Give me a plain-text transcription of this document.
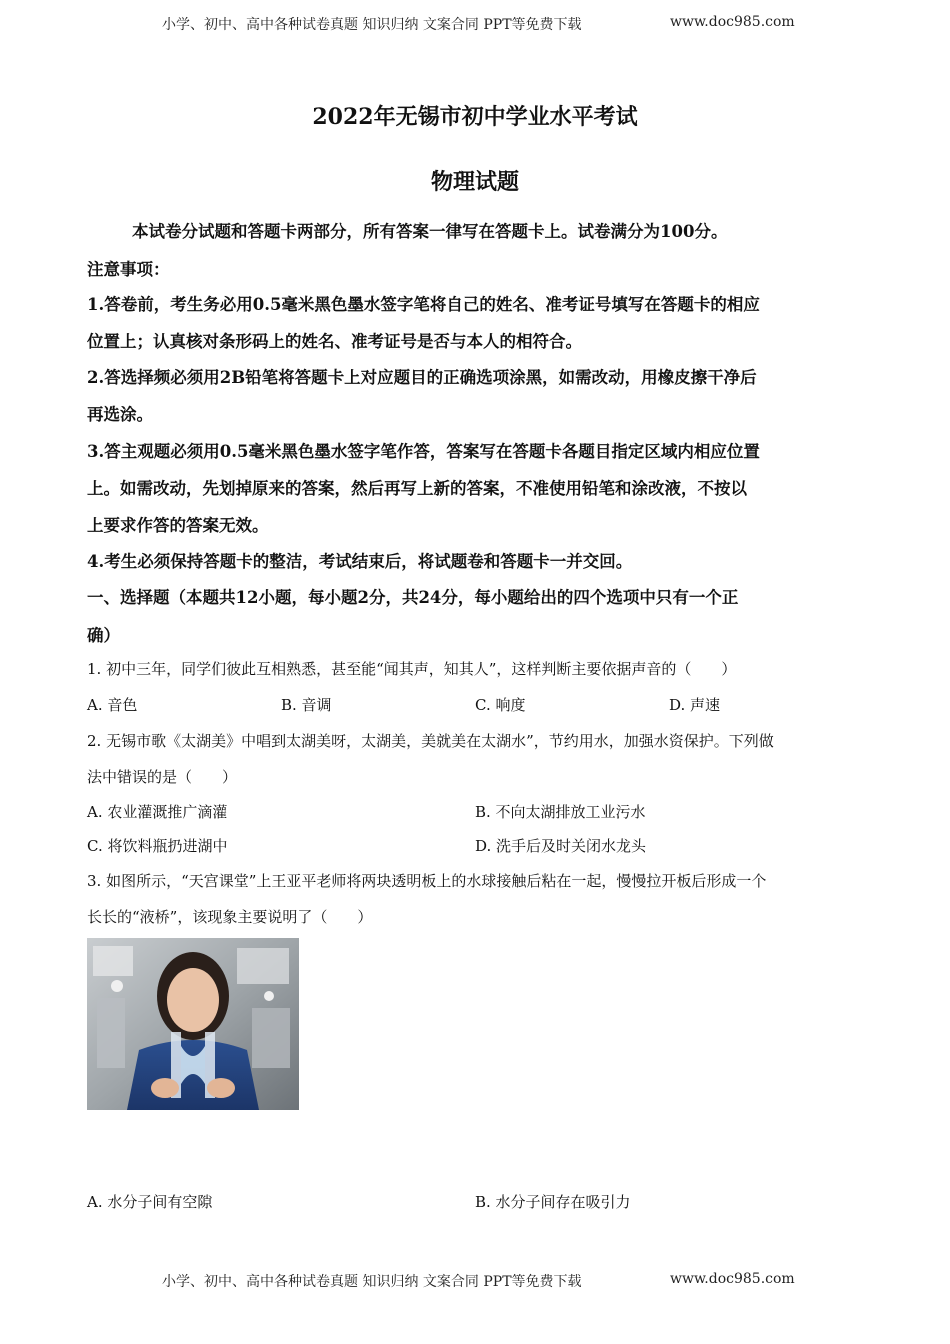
小学、初中、高中各种试卷真题 知识归纳 文案合同 PPT等免费下载	www.doc985.com
2022年无锡市初中学业水平考试
物理试题
本试卷分试题和答题卡两部分，所有答案一律写在答题卡上。试卷满分为100分。
注意事项：
1.答卷前，考生务必用0.5毫米黑色墨水签字笔将自己的姓名、准考证号填写在答题卡的相应
位置上；认真核对条形码上的姓名、准考证号是否与本人的相符合。
2.答选择频必须用2B铅笔将答题卡上对应题目的正确选项涂黑，如需改动，用橡皮擦干净后
再选涂。
3.答主观题必须用0.5毫米黑色墨水签字笔作答，答案写在答题卡各题目指定区域内相应位置
上。如需改动，先划掉原来的答案，然后再写上新的答案，不准使用铅笔和涂改液，不按以
上要求作答的答案无效。
4.考生必须保持答题卡的整洁，考试结束后，将试题卷和答题卡一并交回。
一、选择题（本题共12小题，每小题2分，共24分，每小题给出的四个选项中只有一个正
确）
1. 初中三年，同学们彼此互相熟悉，甚至能“闻其声，知其人”，这样判断主要依据声音的（　　）
A. 音色	B. 音调	C. 响度	D. 声速
2. 无锡市歌《太湖美》中唱到太湖美呀，太湖美，美就美在太湖水”，节约用水，加强水资保护。下列做
法中错误的是（　　）
A. 农业灌溉推广滴灌	B. 不向太湖排放工业污水
C. 将饮料瓶扔进湖中	D. 洗手后及时关闭水龙头
3. 如图所示，“天宫课堂”上王亚平老师将两块透明板上的水球接触后粘在一起，慢慢拉开板后形成一个
长长的“液桥”，该现象主要说明了（　　）
A. 水分子间有空隙	B. 水分子间存在吸引力
小学、初中、高中各种试卷真题 知识归纳 文案合同 PPT等免费下载	www.doc985.com
